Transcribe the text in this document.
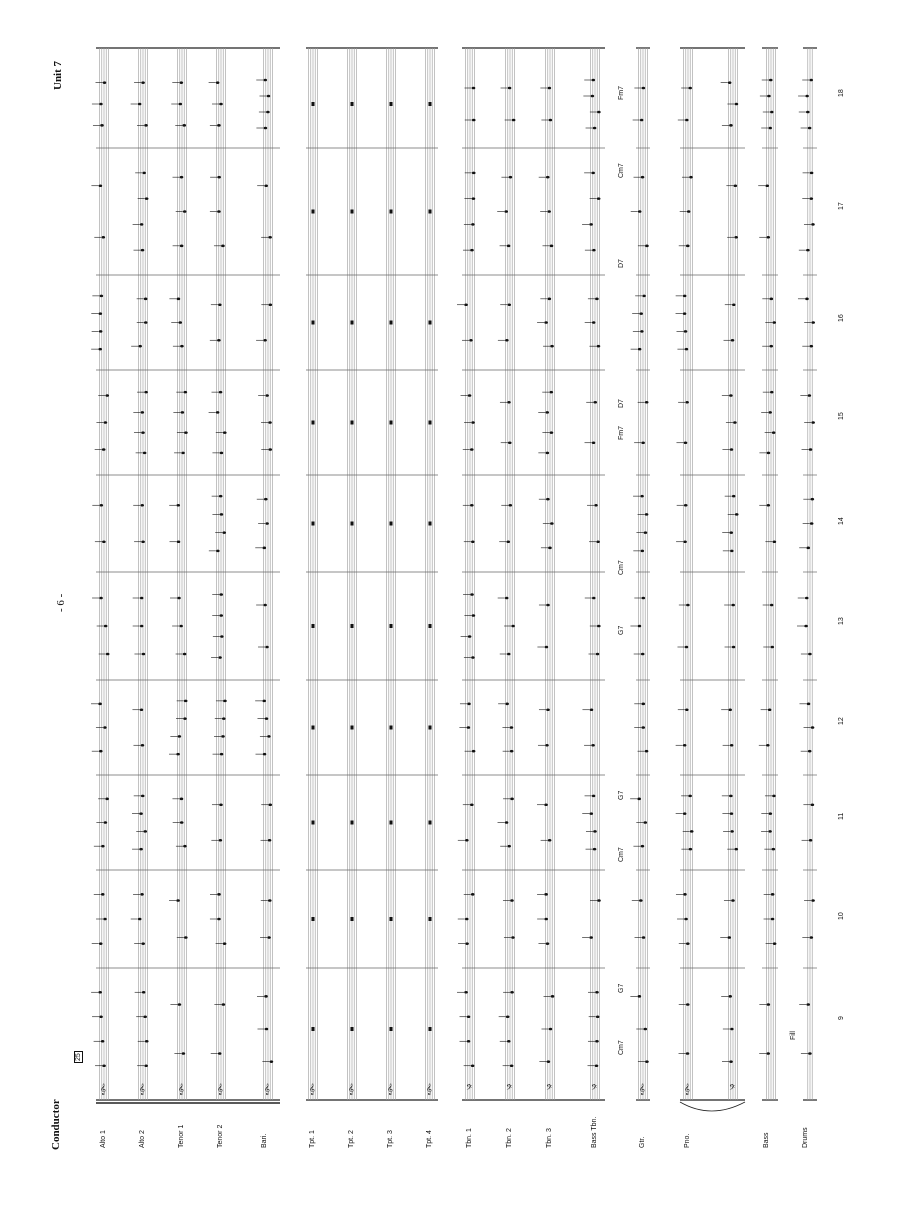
𝄞	𝄞	𝄞	𝄞	𝄞	𝄞	𝄞	𝄞	𝄞	𝄢	𝄢	𝄢	𝄢	𝄞	𝄞	𝄢
Conductor
Unit 7
- 6 -
25
Alto 1	Alto 2	Tenor 1	Tenor 2	Bari.	Tpt. 1	Tpt. 2	Tpt. 3	Tpt. 4	Tbn. 1	Tbn. 2	Tbn. 3	Bass Tbn.	Gtr.	Pno.	Bass	Drums
9
10
11
12
13
14
15
16
17
18
Cm7
G7
Cm7
G7
G7
Cm7
Fm7
D7
D7
Cm7
Fm7
Fill
